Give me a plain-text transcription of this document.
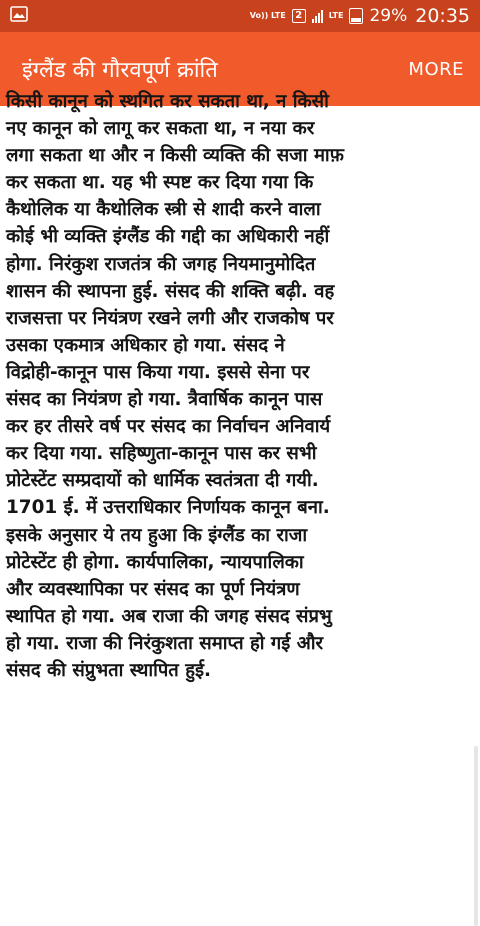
Vo)) LTE 2	LTE 29% 20:35
इंग्लैंड की गौरवपूर्ण क्रांति	MORE
किसी कानून को स्थगित कर सकता था, न किसी
नए कानून को लागू कर सकता था, न नया कर
लगा सकता था और न किसी व्यक्ति की सजा माफ़
कर सकता था. यह भी स्पष्ट कर दिया गया कि
कैथोलिक या कैथोलिक स्त्री से शादी करने वाला
कोई भी व्यक्ति इंग्लैंड की गद्दी का अधिकारी नहीं
होगा. निरंकुश राजतंत्र की जगह नियमानुमोदित
शासन की स्थापना हुई. संसद की शक्ति बढ़ी. वह
राजसत्ता पर नियंत्रण रखने लगी और राजकोष पर
उसका एकमात्र अधिकार हो गया. संसद ने
विद्रोही-कानून पास किया गया. इससे सेना पर
संसद का नियंत्रण हो गया. त्रैवार्षिक कानून पास
कर हर तीसरे वर्ष पर संसद का निर्वाचन अनिवार्य
कर दिया गया. सहिष्णुता-कानून पास कर सभी
प्रोटेस्टेंट सम्प्रदायों को धार्मिक स्वतंत्रता दी गयी.
1701 ई. में उत्तराधिकार निर्णायक कानून बना.
इसके अनुसार ये तय हुआ कि इंग्लैंड का राजा
प्रोटेस्टेंट ही होगा. कार्यपालिका, न्यायपालिका
और व्यवस्थापिका पर संसद का पूर्ण नियंत्रण
स्थापित हो गया. अब राजा की जगह संसद संप्रभु
हो गया. राजा की निरंकुशता समाप्त हो गई और
संसद की संप्रुभता स्थापित हुई.
